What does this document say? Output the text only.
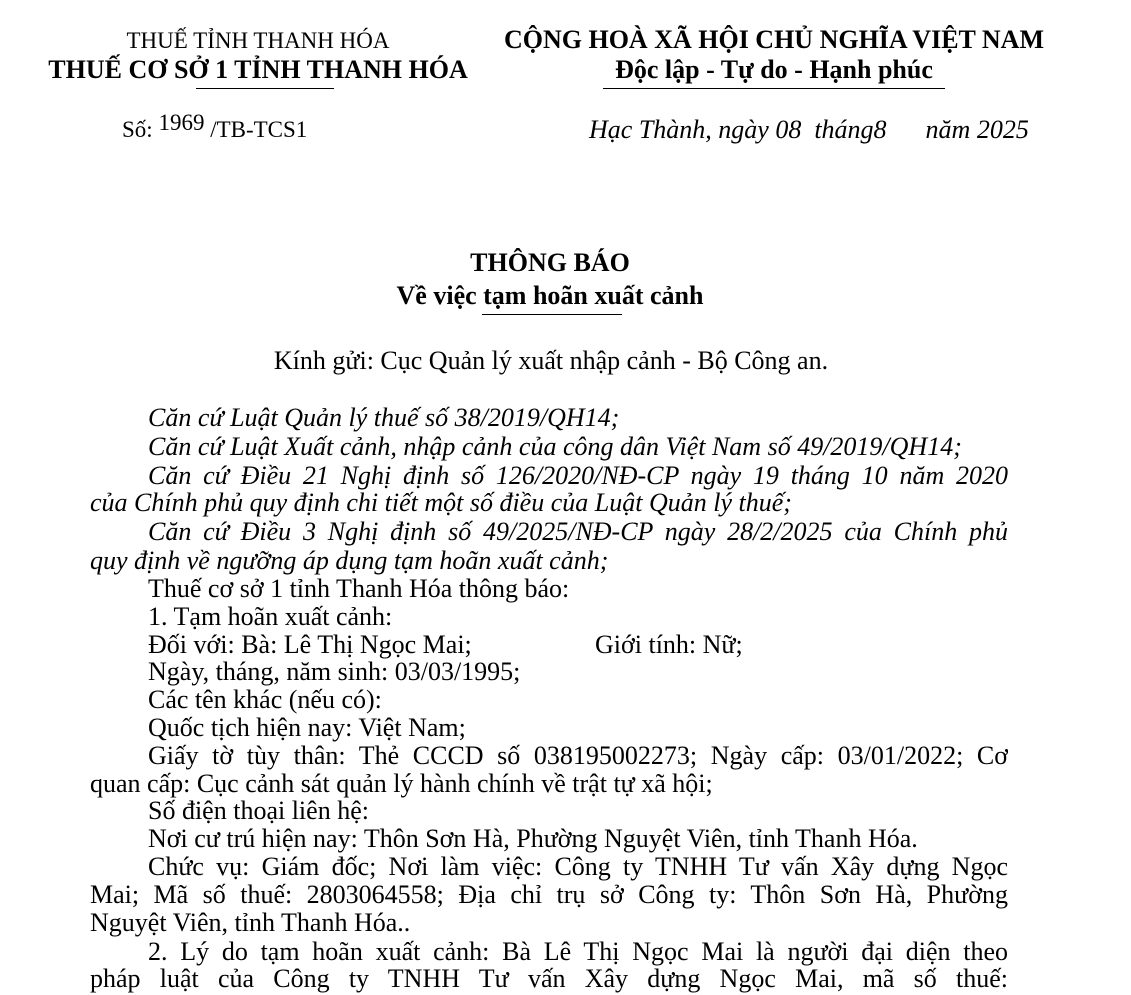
THUẾ TỈNH THANH HÓA
THUẾ CƠ SỞ 1 TỈNH THANH HÓA
CỘNG HOÀ XÃ HỘI CHỦ NGHĨA VIỆT NAM
Độc lập - Tự do - Hạnh phúc
Số: 1969 /TB-TCS1	Hạc Thành, ngày 08  tháng8      năm 2025
THÔNG BÁO
Về việc tạm hoãn xuất cảnh
Kính gửi: Cục Quản lý xuất nhập cảnh - Bộ Công an.
Căn cứ Luật Quản lý thuế số 38/2019/QH14;
Căn cứ Luật Xuất cảnh, nhập cảnh của công dân Việt Nam số 49/2019/QH14;
Căn cứ Điều 21 Nghị định số 126/2020/NĐ-CP ngày 19 tháng 10 năm 2020
của Chính phủ quy định chi tiết một số điều của Luật Quản lý thuế;
Căn cứ Điều 3 Nghị định số 49/2025/NĐ-CP ngày 28/2/2025 của Chính phủ
quy định về ngưỡng áp dụng tạm hoãn xuất cảnh;
Thuế cơ sở 1 tỉnh Thanh Hóa thông báo:
1. Tạm hoãn xuất cảnh:
Đối với: Bà: Lê Thị Ngọc Mai;	Giới tính: Nữ;
Ngày, tháng, năm sinh: 03/03/1995;
Các tên khác (nếu có):
Quốc tịch hiện nay: Việt Nam;
Giấy tờ tùy thân: Thẻ CCCD số 038195002273; Ngày cấp: 03/01/2022; Cơ
quan cấp: Cục cảnh sát quản lý hành chính về trật tự xã hội;
Số điện thoại liên hệ:
Nơi cư trú hiện nay: Thôn Sơn Hà, Phường Nguyệt Viên, tỉnh Thanh Hóa.
Chức vụ: Giám đốc; Nơi làm việc: Công ty TNHH Tư vấn Xây dựng Ngọc
Mai; Mã số thuế: 2803064558; Địa chỉ trụ sở Công ty: Thôn Sơn Hà, Phường
Nguyệt Viên, tỉnh Thanh Hóa..
2. Lý do tạm hoãn xuất cảnh: Bà Lê Thị Ngọc Mai là người đại diện theo
pháp luật của Công ty TNHH Tư vấn Xây dựng Ngọc Mai, mã số thuế:
